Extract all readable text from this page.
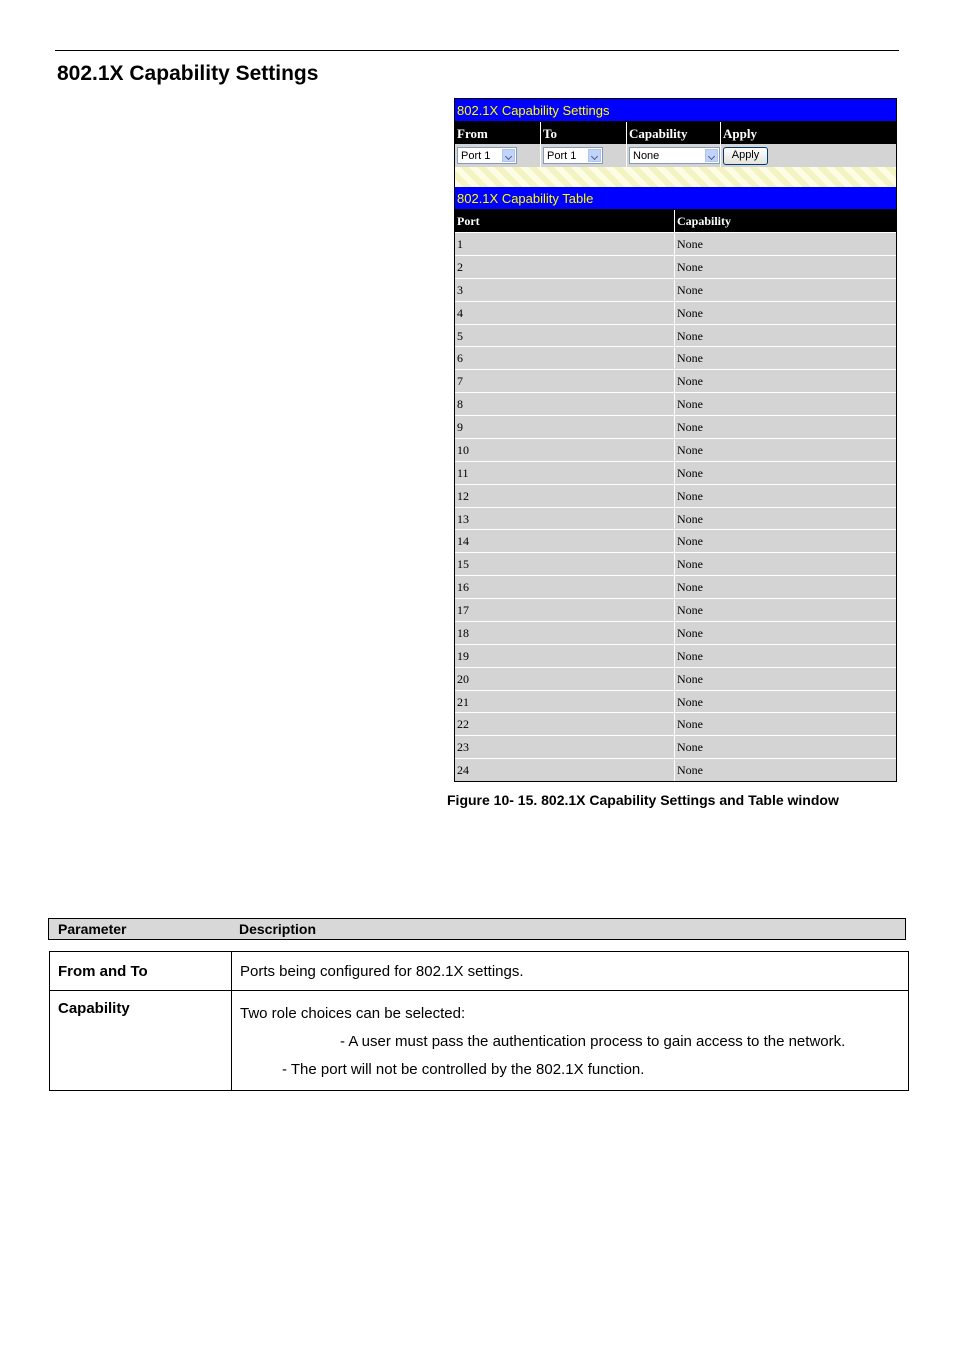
802.1X Capability Settings
802.1X Capability Settings
From	To	Capability	Apply
Port 1	Port 1	None	Apply
802.1X Capability Table
Port	Capability
1	None
2	None
3	None
4	None
5	None
6	None
7	None
8	None
9	None
10	None
11	None
12	None
13	None
14	None
15	None
16	None
17	None
18	None
19	None
20	None
21	None
22	None
23	None
24	None

Figure 10- 15. 802.1X Capability Settings and Table window

Parameter	Description
From and To	Ports being configured for 802.1X settings.
Capability	Two role choices can be selected:
- A user must pass the authentication process to gain access to the network.
- The port will not be controlled by the 802.1X function.
